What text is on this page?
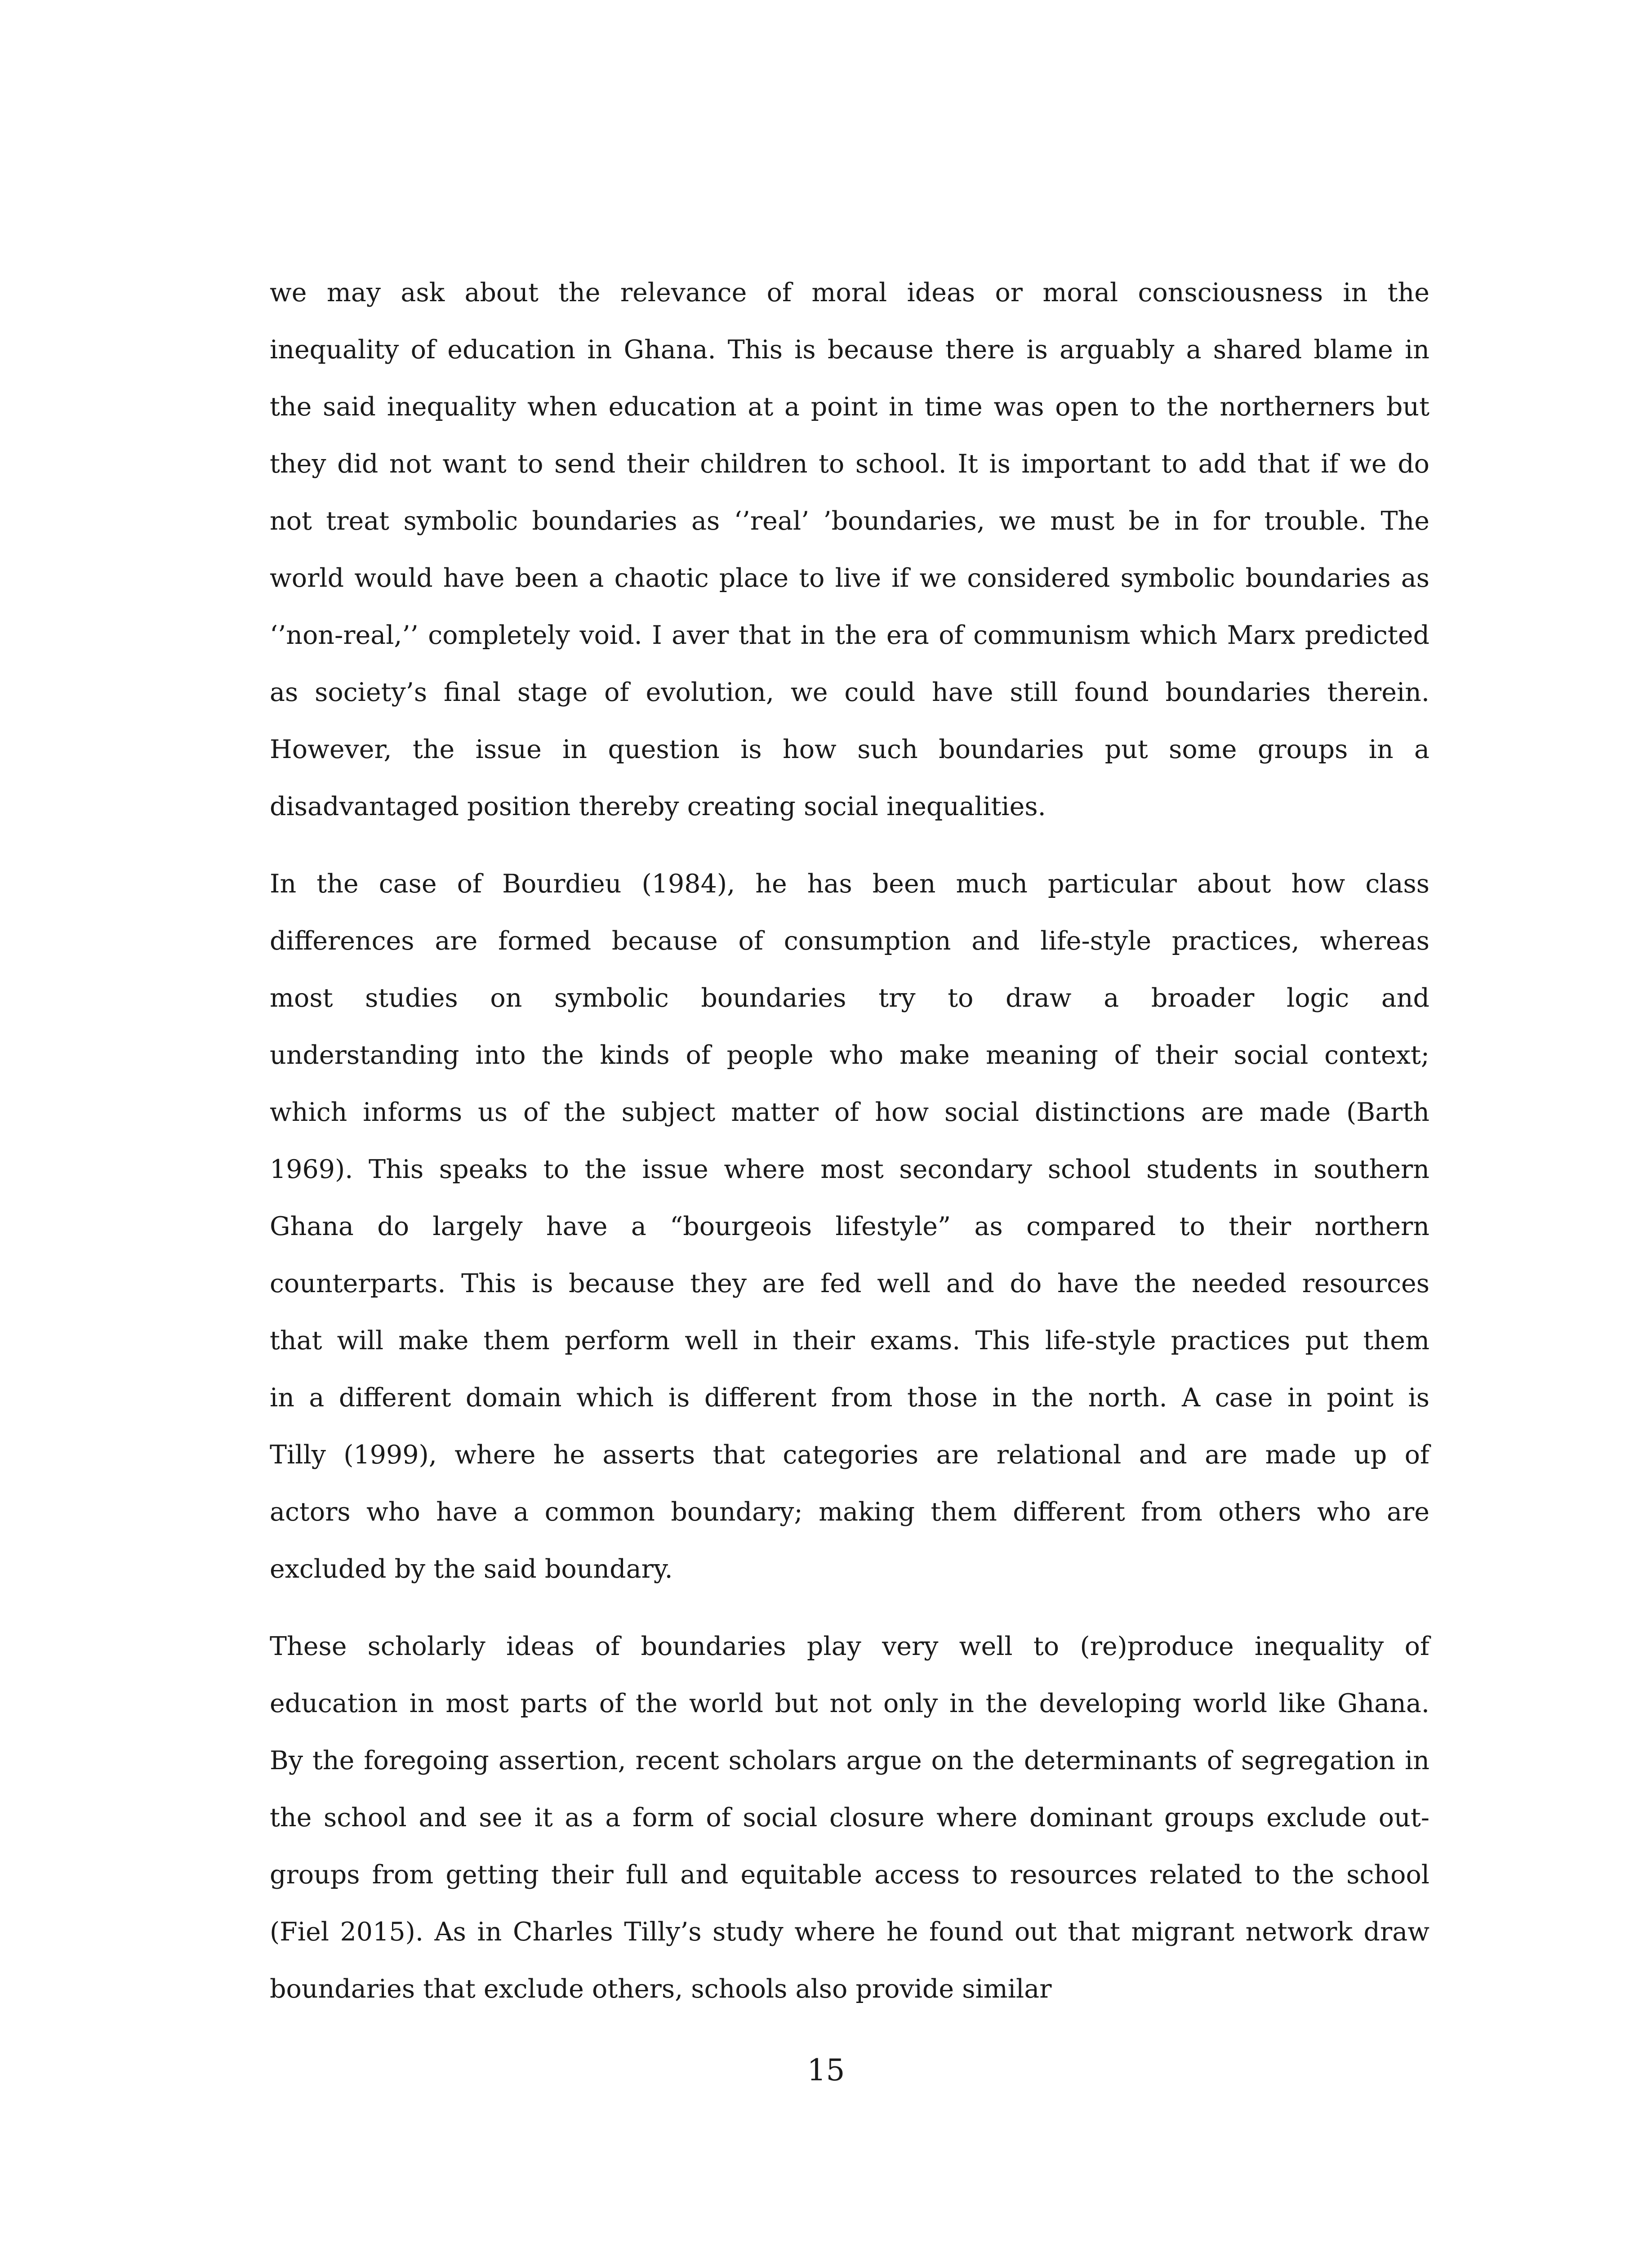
we may ask about the relevance of moral ideas or moral consciousness in the
inequality of education in Ghana. This is because there is arguably a shared blame in
the said inequality when education at a point in time was open to the northerners but
they did not want to send their children to school. It is important to add that if we do
not treat symbolic boundaries as ‘’real’ ’boundaries, we must be in for trouble. The
world would have been a chaotic place to live if we considered symbolic boundaries as
‘’non-real,’’ completely void. I aver that in the era of communism which Marx predicted
as society’s final stage of evolution, we could have still found boundaries therein.
However, the issue in question is how such boundaries put some groups in a
disadvantaged position thereby creating social inequalities.

In the case of Bourdieu (1984), he has been much particular about how class
differences are formed because of consumption and life-style practices, whereas
most studies on symbolic boundaries try to draw a broader logic and
understanding into the kinds of people who make meaning of their social context;
which informs us of the subject matter of how social distinctions are made (Barth
1969). This speaks to the issue where most secondary school students in southern
Ghana do largely have a “bourgeois lifestyle” as compared to their northern
counterparts. This is because they are fed well and do have the needed resources
that will make them perform well in their exams. This life-style practices put them
in a different domain which is different from those in the north. A case in point is
Tilly (1999), where he asserts that categories are relational and are made up of
actors who have a common boundary; making them different from others who are
excluded by the said boundary.

These scholarly ideas of boundaries play very well to (re)produce inequality of
education in most parts of the world but not only in the developing world like Ghana.
By the foregoing assertion, recent scholars argue on the determinants of segregation in
the school and see it as a form of social closure where dominant groups exclude out-
groups from getting their full and equitable access to resources related to the school
(Fiel 2015). As in Charles Tilly’s study where he found out that migrant network draw
boundaries that exclude others, schools also provide similar

15
